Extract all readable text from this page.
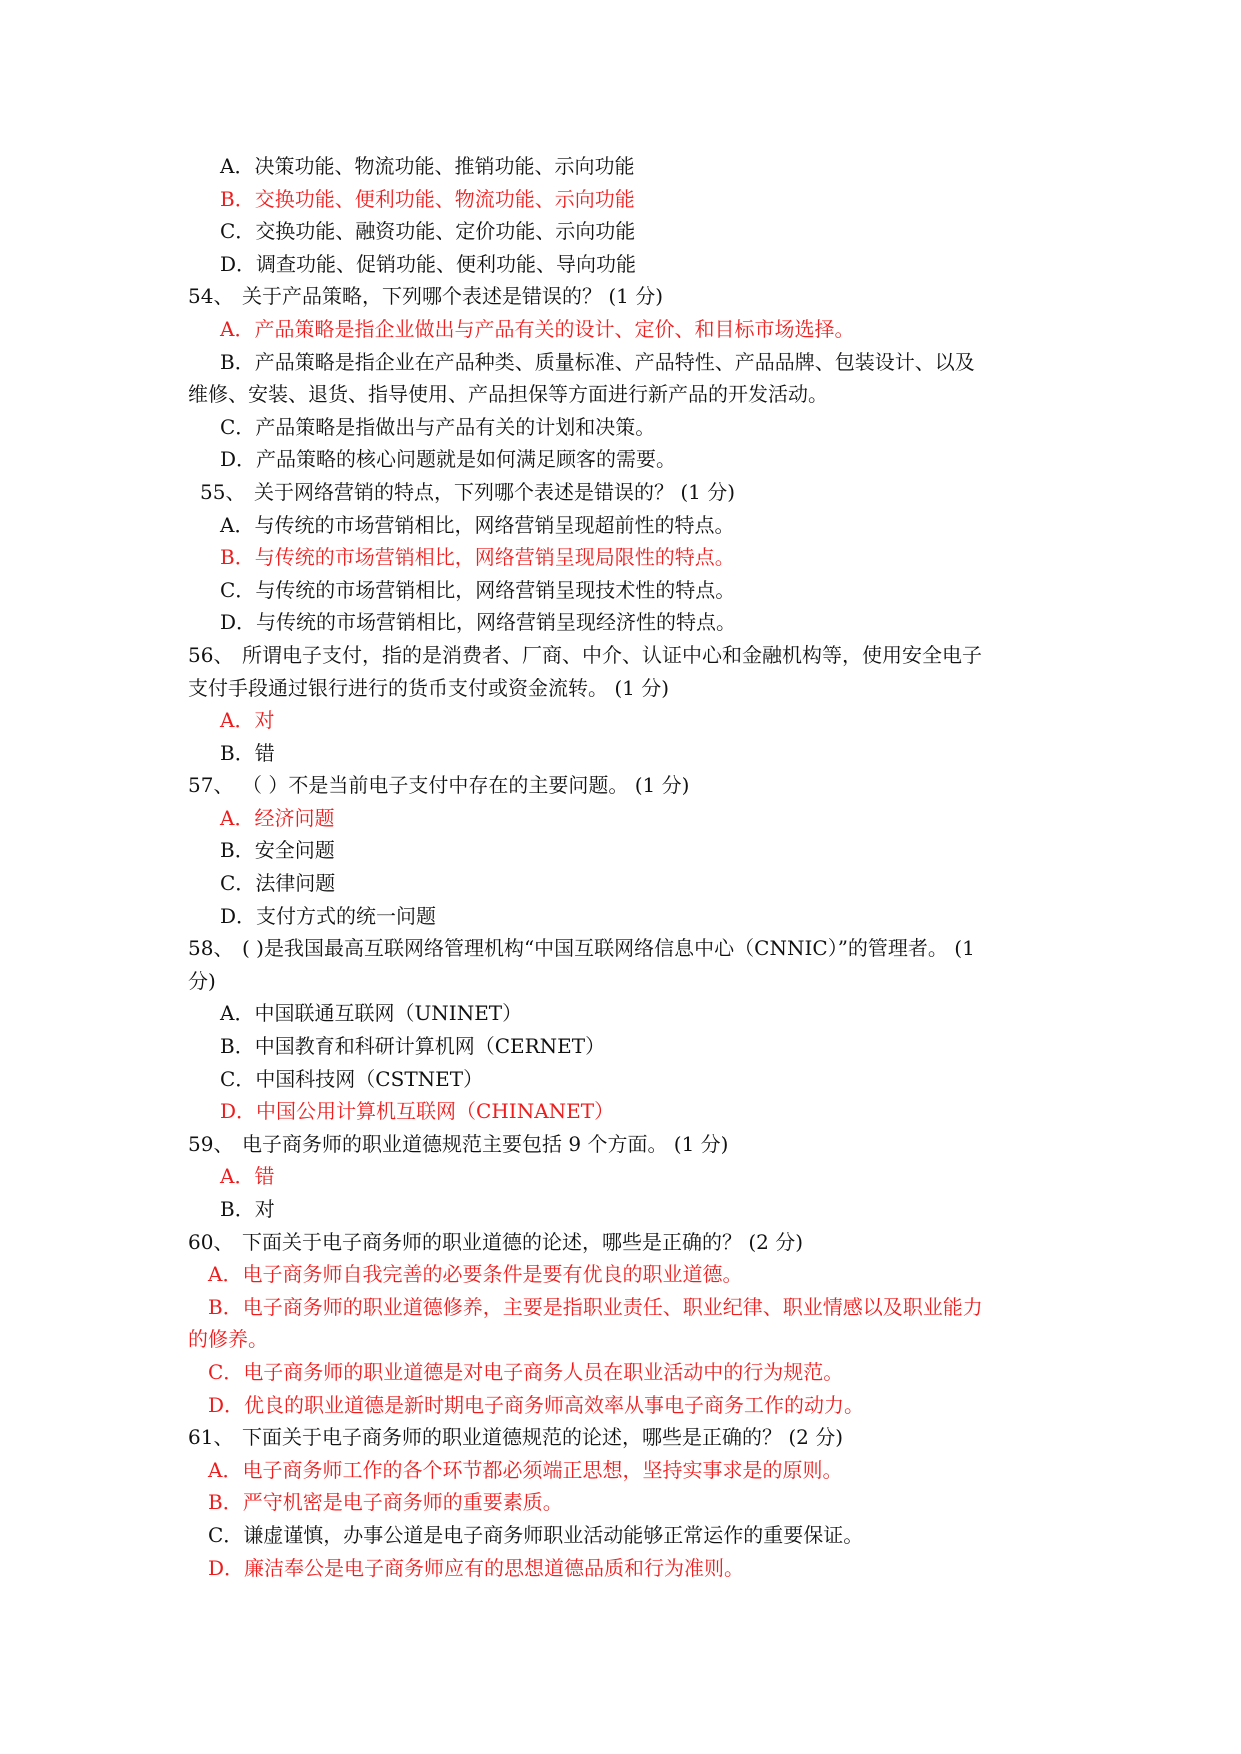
A．决策功能、物流功能、推销功能、示向功能
B．交换功能、便利功能、物流功能、示向功能
C．交换功能、融资功能、定价功能、示向功能
D．调查功能、促销功能、便利功能、导向功能
54、 关于产品策略，下列哪个表述是错误的？ (1 分)
A．产品策略是指企业做出与产品有关的设计、定价、和目标市场选择。
B．产品策略是指企业在产品种类、质量标准、产品特性、产品品牌、包装设计、以及
维修、安装、退货、指导使用、产品担保等方面进行新产品的开发活动。
C．产品策略是指做出与产品有关的计划和决策。
D．产品策略的核心问题就是如何满足顾客的需要。
55、 关于网络营销的特点，下列哪个表述是错误的？ (1 分)
A．与传统的市场营销相比，网络营销呈现超前性的特点。
B．与传统的市场营销相比，网络营销呈现局限性的特点。
C．与传统的市场营销相比，网络营销呈现技术性的特点。
D．与传统的市场营销相比，网络营销呈现经济性的特点。
56、 所谓电子支付，指的是消费者、厂商、中介、认证中心和金融机构等，使用安全电子
支付手段通过银行进行的货币支付或资金流转。 (1 分)
A．对
B．错
57、 （ ）不是当前电子支付中存在的主要问题。 (1 分)
A．经济问题
B．安全问题
C．法律问题
D．支付方式的统一问题
58、 ( )是我国最高互联网络管理机构“中国互联网络信息中心（CNNIC）”的管理者。 (1
分)
A．中国联通互联网（UNINET）
B．中国教育和科研计算机网（CERNET）
C．中国科技网（CSTNET）
D．中国公用计算机互联网（CHINANET）
59、 电子商务师的职业道德规范主要包括 9 个方面。 (1 分)
A．错
B．对
60、 下面关于电子商务师的职业道德的论述，哪些是正确的？ (2 分)
A．电子商务师自我完善的必要条件是要有优良的职业道德。
B．电子商务师的职业道德修养，主要是指职业责任、职业纪律、职业情感以及职业能力
的修养。
C．电子商务师的职业道德是对电子商务人员在职业活动中的行为规范。
D．优良的职业道德是新时期电子商务师高效率从事电子商务工作的动力。
61、 下面关于电子商务师的职业道德规范的论述，哪些是正确的？ (2 分)
A．电子商务师工作的各个环节都必须端正思想，坚持实事求是的原则。
B．严守机密是电子商务师的重要素质。
C．谦虚谨慎，办事公道是电子商务师职业活动能够正常运作的重要保证。
D．廉洁奉公是电子商务师应有的思想道德品质和行为准则。
